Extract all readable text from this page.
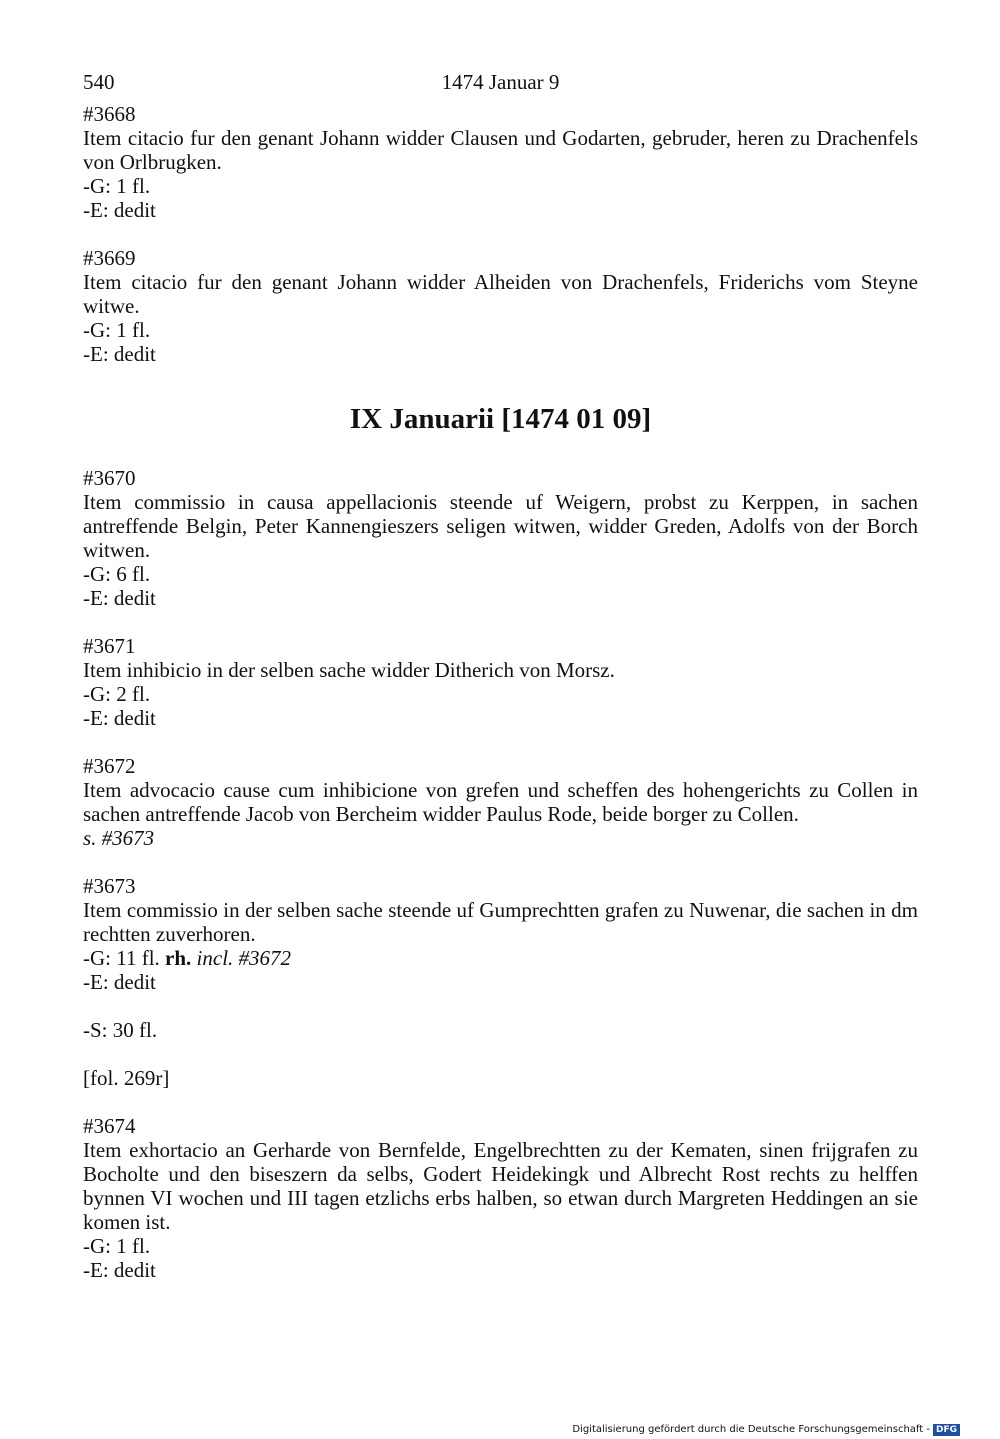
540	1474 Januar 9
#3668
Item citacio fur den genant Johann widder Clausen und Godarten, gebruder, heren zu Drachenfels von Orlbrugken.
-G: 1 fl.
-E: dedit
#3669
Item citacio fur den genant Johann widder Alheiden von Drachenfels, Friderichs vom Steyne witwe.
-G: 1 fl.
-E: dedit
IX Januarii [1474 01 09]
#3670
Item commissio in causa appellacionis steende uf Weigern, probst zu Kerppen, in sachen antreffende Belgin, Peter Kannengieszers seligen witwen, widder Greden, Adolfs von der Borch witwen.
-G: 6 fl.
-E: dedit
#3671
Item inhibicio in der selben sache widder Ditherich von Morsz.
-G: 2 fl.
-E: dedit
#3672
Item advocacio cause cum inhibicione von grefen und scheffen des hohengerichts zu Collen in sachen antreffende Jacob von Bercheim widder Paulus Rode, beide borger zu Collen.
s. #3673
#3673
Item commissio in der selben sache steende uf Gumprechtten grafen zu Nuwenar, die sachen in dm rechtten zuverhoren.
-G: 11 fl. rh. incl. #3672
-E: dedit
-S: 30 fl.
[fol. 269r]
#3674
Item exhortacio an Gerharde von Bernfelde, Engelbrechtten zu der Kematen, sinen frijgrafen zu Bocholte und den biseszern da selbs, Godert Heidekingk und Albrecht Rost rechts zu helffen bynnen VI wochen und III tagen etzlichs erbs halben, so etwan durch Margreten Heddingen an sie komen ist.
-G: 1 fl.
-E: dedit
Digitalisierung gefördert durch die Deutsche Forschungsgemeinschaft - DFG
